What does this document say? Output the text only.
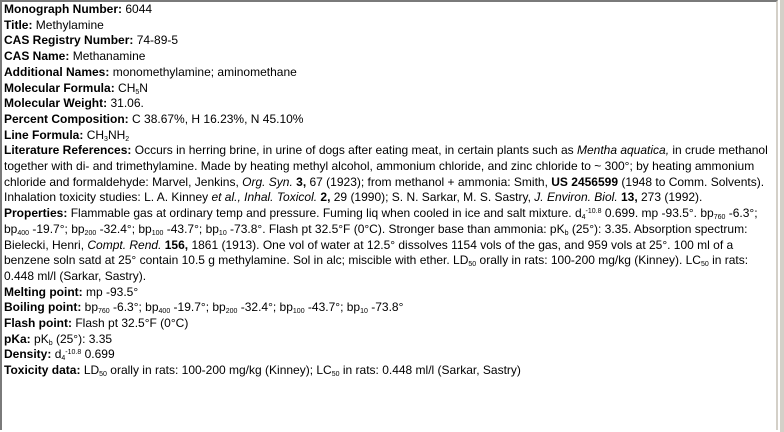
Monograph Number: 6044
Title: Methylamine
CAS Registry Number: 74-89-5
CAS Name: Methanamine
Additional Names: monomethylamine; aminomethane
Molecular Formula: $CH_5N$
Molecular Weight: 31.06.
Percent Composition: C 38.67%, H 16.23%, N 45.10%
Line Formula: $CH_3NH_2$
Literature References: Occurs in herring brine, in urine of dogs after eating meat, in certain plants such as Mentha aquatica, in crude methanol together with di- and trimethylamine. Made by heating methyl alcohol, ammonium chloride, and zinc chloride to ~ 300°; by heating ammonium chloride and formaldehyde: Marvel, Jenkins, Org. Syn. 3, 67 (1923); from methanol + ammonia: Smith, US 2456599 (1948 to Comm. Solvents). Inhalation toxicity studies: L. A. Kinney et al., Inhal. Toxicol. 2, 29 (1990); S. N. Sarkar, M. S. Sastry, J. Environ. Biol. 13, 273 (1992).
Properties: Flammable gas at ordinary temp and pressure. Fuming liq when cooled in ice and salt mixture. $d_4^{-10.8}$ 0.699. mp -93.5°. $bp_{760}$ -6.3°; $bp_{400}$ -19.7°; $bp_{200}$ -32.4°; $bp_{100}$ -43.7°; $bp_{10}$ -73.8°. Flash pt 32.5°F (0°C). Stronger base than ammonia: $pK_b$ (25°): 3.35. Absorption spectrum: Bielecki, Henri, Compt. Rend. 156, 1861 (1913). One vol of water at 12.5° dissolves 1154 vols of the gas, and 959 vols at 25°. 100 ml of a benzene soln satd at 25° contain 10.5 g methylamine. Sol in alc; miscible with ether. $LD_{50}$ orally in rats: 100-200 mg/kg (Kinney). $LC_{50}$ in rats: 0.448 ml/l (Sarkar, Sastry).
Melting point: mp -93.5°
Boiling point: $bp_{760}$ -6.3°; $bp_{400}$ -19.7°; $bp_{200}$ -32.4°; $bp_{100}$ -43.7°; $bp_{10}$ -73.8°
Flash point: Flash pt 32.5°F (0°C)
pKa: $pK_b$ (25°): 3.35
Density: $d_4^{-10.8}$ 0.699
Toxicity data: $LD_{50}$ orally in rats: 100-200 mg/kg (Kinney); $LC_{50}$ in rats: 0.448 ml/l (Sarkar, Sastry)
